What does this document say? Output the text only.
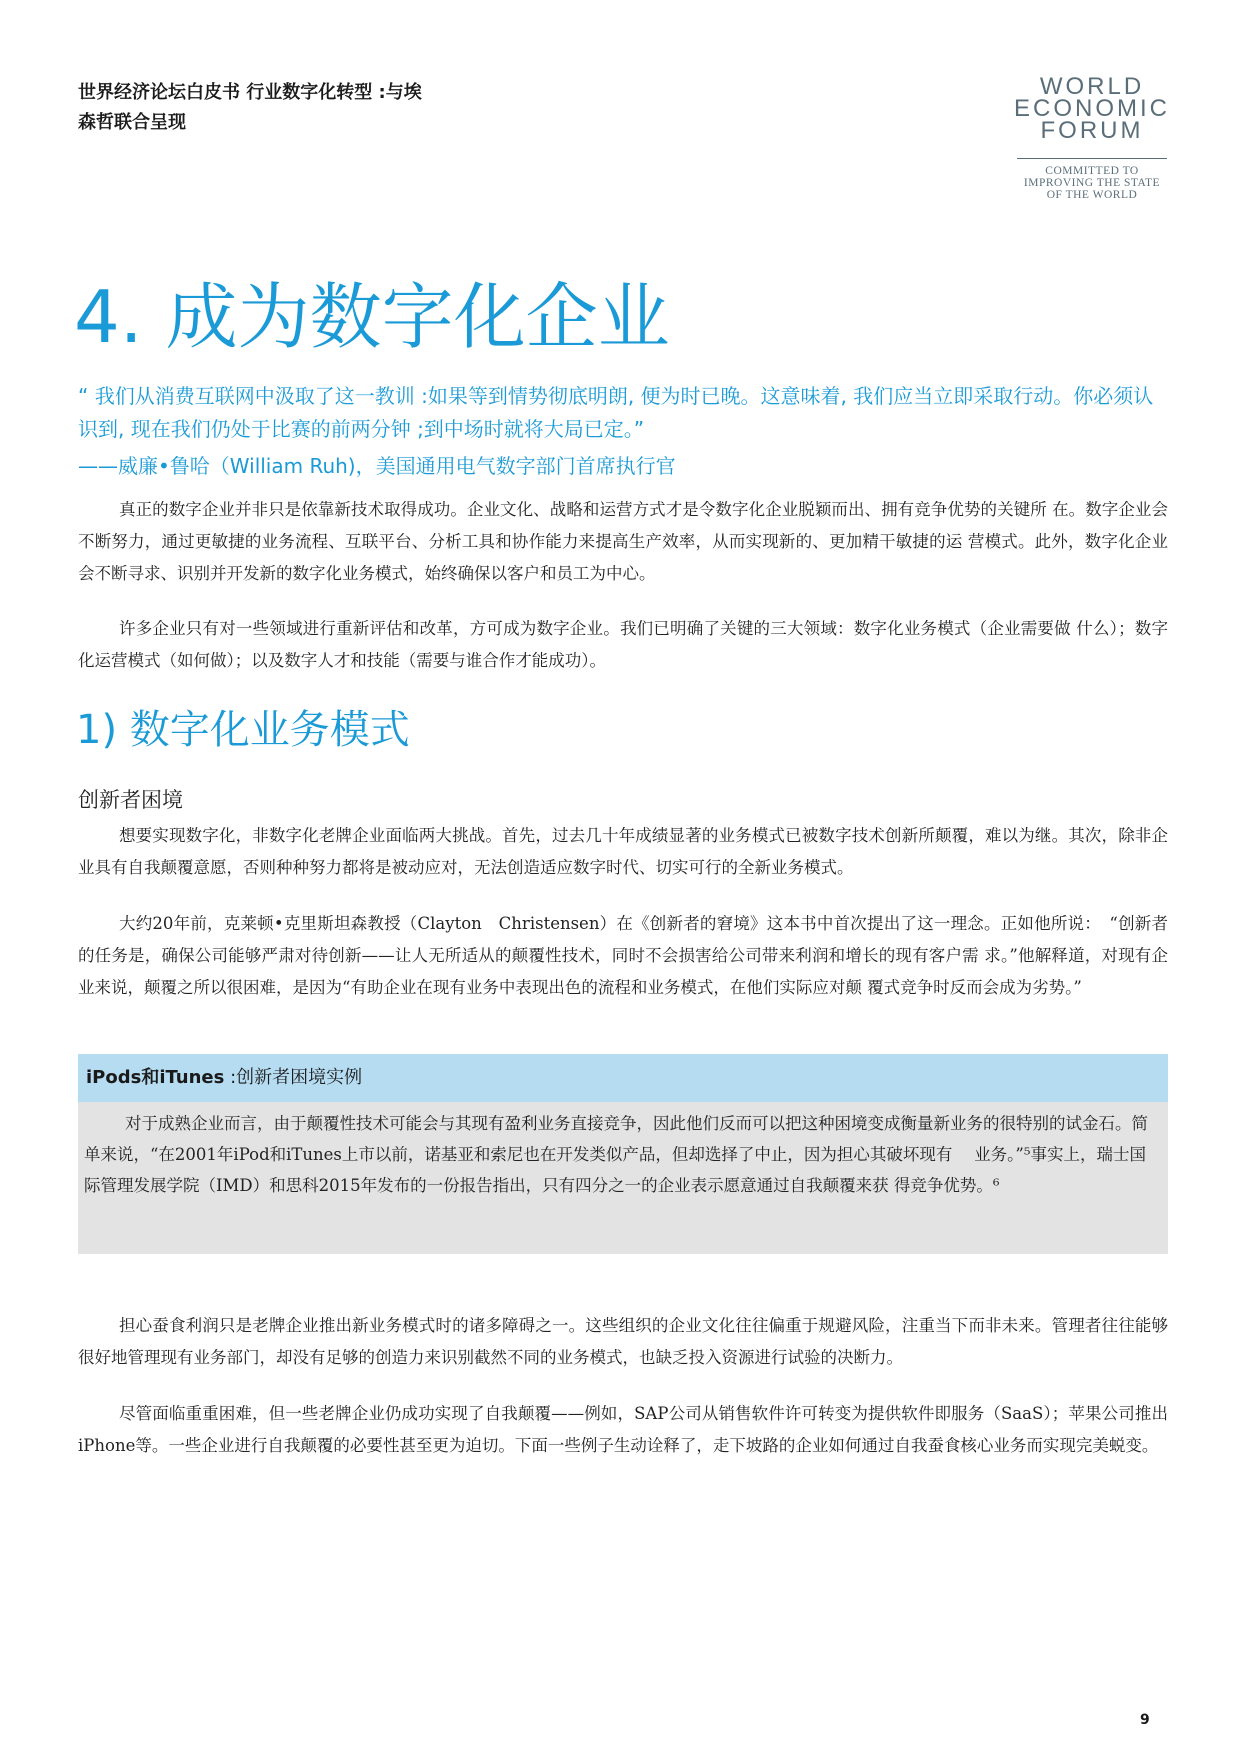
世界经济论坛白皮书 行业数字化转型 :与埃森哲联合呈现
WORLD
ECONOMIC
FORUM
COMMITTED TO
IMPROVING THE STATE
OF THE WORLD
4. 成为数字化企业

“ 我们从消费互联网中汲取了这一教训 :如果等到情势彻底明朗, 便为时已晚。这意味着, 我们应当立即采取行动。你必须认识到, 现在我们仍处于比赛的前两分钟 ;到中场时就将大局已定。”

——威廉•鲁哈（William Ruh)，美国通用电气数字部门首席执行官

真正的数字企业并非只是依靠新技术取得成功。企业文化、战略和运营方式才是令数字化企业脱颖而出、拥有竞争优势的关键所 在。数字企业会不断努力，通过更敏捷的业务流程、互联平台、分析工具和协作能力来提高生产效率，从而实现新的、更加精干敏捷的运 营模式。此外，数字化企业会不断寻求、识别并开发新的数字化业务模式，始终确保以客户和员工为中心。

许多企业只有对一些领域进行重新评估和改革，方可成为数字企业。我们已明确了关键的三大领域：数字化业务模式（企业需要做 什么）；数字化运营模式（如何做）；以及数字人才和技能（需要与谁合作才能成功）。

1) 数字化业务模式
创新者困境

想要实现数字化，非数字化老牌企业面临两大挑战。首先，过去几十年成绩显著的业务模式已被数字技术创新所颠覆，难以为继。其次，除非企业具有自我颠覆意愿，否则种种努力都将是被动应对，无法创造适应数字时代、切实可行的全新业务模式。

大约20年前，克莱顿•克里斯坦森教授（Clayton　Christensen）在《创新者的窘境》这本书中首次提出了这一理念。正如他所说：　“创新者的任务是，确保公司能够严肃对待创新——让人无所适从的颠覆性技术，同时不会损害给公司带来利润和增长的现有客户需 求。”他解释道，对现有企业来说，颠覆之所以很困难，是因为“有助企业在现有业务中表现出色的流程和业务模式，在他们实际应对颠 覆式竞争时反而会成为劣势。”

iPods和iTunes :创新者困境实例

对于成熟企业而言，由于颠覆性技术可能会与其现有盈利业务直接竞争，因此他们反而可以把这种困境变成衡量新业务的很特别的试金石。简单来说，“在2001年iPod和iTunes上市以前，诺基亚和索尼也在开发类似产品，但却选择了中止，因为担心其破坏现有　 业务。”⁵事实上，瑞士国际管理发展学院（IMD）和思科2015年发布的一份报告指出，只有四分之一的企业表示愿意通过自我颠覆来获 得竞争优势。⁶

担心蚕食利润只是老牌企业推出新业务模式时的诸多障碍之一。这些组织的企业文化往往偏重于规避风险，注重当下而非未来。管理者往往能够很好地管理现有业务部门，却没有足够的创造力来识别截然不同的业务模式，也缺乏投入资源进行试验的决断力。

尽管面临重重困难，但一些老牌企业仍成功实现了自我颠覆——例如，SAP公司从销售软件许可转变为提供软件即服务（SaaS）；苹果公司推出iPhone等。一些企业进行自我颠覆的必要性甚至更为迫切。下面一些例子生动诠释了，走下坡路的企业如何通过自我蚕食核心业务而实现完美蜕变。

9
